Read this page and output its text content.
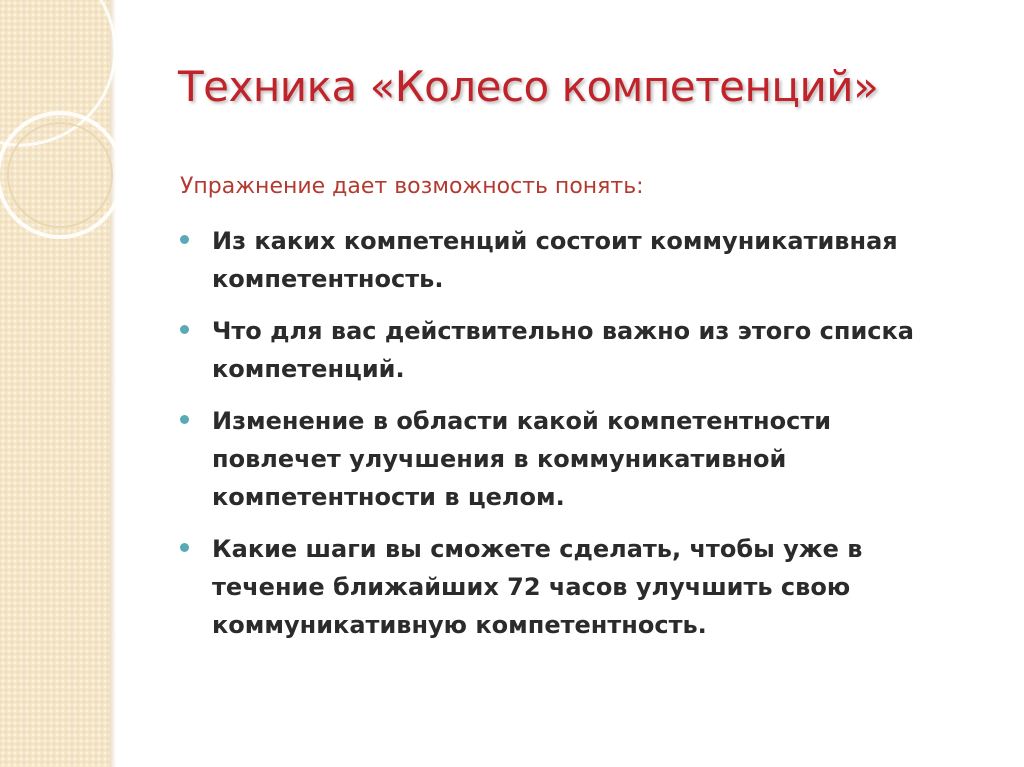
Техника «Колесо компетенций»

Упражнение дает возможность понять:

Из каких компетенций состоит коммуникативная
компетентность.
Что для вас действительно важно из этого списка
компетенций.
Изменение в области какой компетентности
повлечет улучшения в коммуникативной
компетентности в целом.
Какие шаги вы сможете сделать, чтобы уже в
течение ближайших 72 часов улучшить свою
коммуникативную компетентность.
